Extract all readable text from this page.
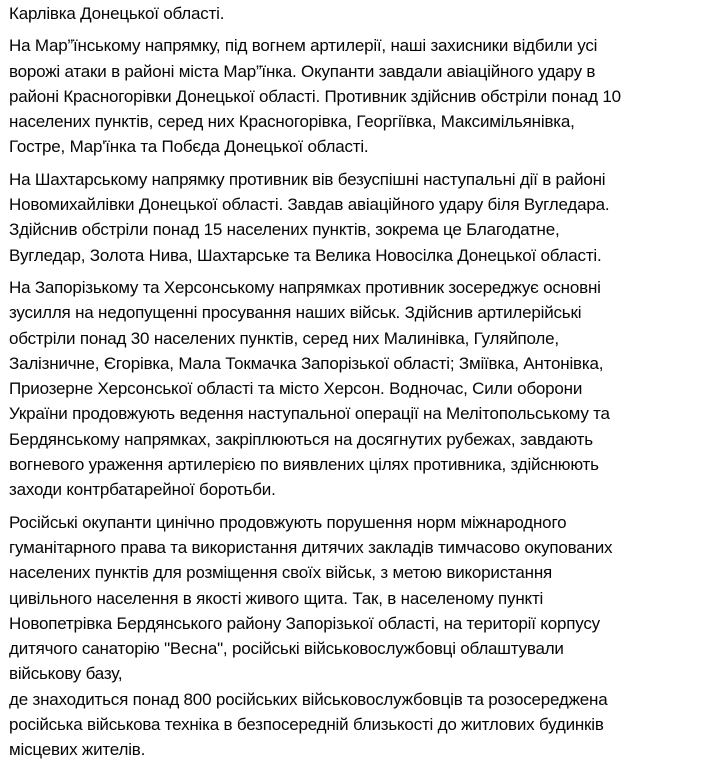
Карлівка Донецької області.

На Мар”їнському напрямку, під вогнем артилерії, наші захисники відбили усі
ворожі атаки в районі міста Мар”їнка. Окупанти завдали авіаційного удару в
районі Красногорівки Донецької області. Противник здійснив обстріли понад 10
населених пунктів, серед них Красногорівка, Георгіївка, Максимільянівка,
Гостре, Мар'їнка та Побєда Донецької області.

На Шахтарському напрямку противник вів безуспішні наступальні дії в районі
Новомихайлівки Донецької області. Завдав авіаційного удару біля Вугледара.
Здійснив обстріли понад 15 населених пунктів, зокрема це Благодатне,
Вугледар, Золота Нива, Шахтарське та Велика Новосілка Донецької області.

На Запорізькому та Херсонському напрямках противник зосереджує основні
зусилля на недопущенні просування наших військ. Здійснив артилерійські
обстріли понад 30 населених пунктів, серед них Малинівка, Гуляйполе,
Залізничне, Єгорівка, Мала Токмачка Запорізької області; Зміївка, Антонівка,
Приозерне Херсонської області та місто Херсон. Водночас, Сили оборони
України продовжують ведення наступальної операції на Мелітопольському та
Бердянському напрямках, закріплюються на досягнутих рубежах, завдають
вогневого ураження артилерією по виявлених цілях противника, здійснюють
заходи контрбатарейної боротьби.

Російські окупанти цинічно продовжують порушення норм міжнародного
гуманітарного права та використання дитячих закладів тимчасово окупованих
населених пунктів для розміщення своїх військ, з метою використання
цивільного населення в якості живого щита. Так, в населеному пункті
Новопетрівка Бердянського району Запорізької області, на території корпусу
дитячого санаторію "Весна", російські військовослужбовці облаштували
військову базу,
де знаходиться понад 800 російських військовослужбовців та розосереджена
російська військова техніка в безпосередній близькості до житлових будинків
місцевих жителів.
